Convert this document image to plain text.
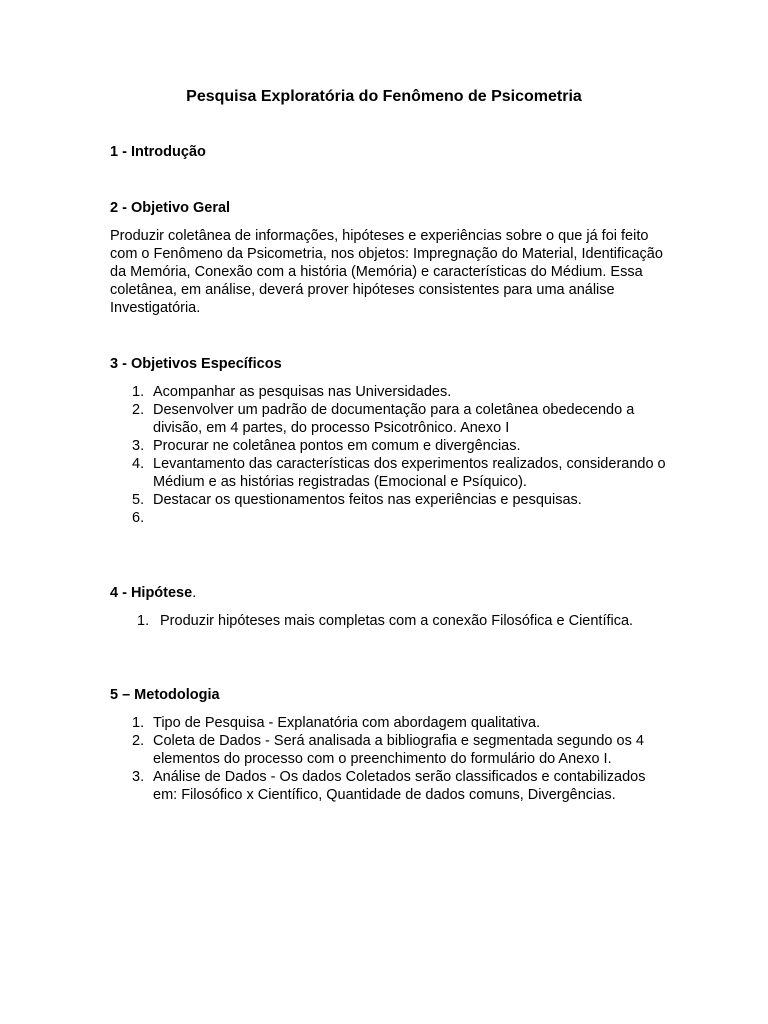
Pesquisa Exploratória do Fenômeno de Psicometria
1 - Introdução
2 - Objetivo Geral
Produzir coletânea de informações, hipóteses e experiências sobre o que já foi feito com o Fenômeno da Psicometria, nos objetos: Impregnação do Material, Identificação da Memória, Conexão com a história (Memória) e características do Médium. Essa coletânea, em análise, deverá prover hipóteses consistentes para uma análise Investigatória.
3 - Objetivos Específicos
1. Acompanhar as pesquisas nas Universidades.
2. Desenvolver um padrão de documentação para a coletânea obedecendo a divisão, em 4 partes, do processo Psicotrônico. Anexo I
3. Procurar ne coletânea pontos em comum e divergências.
4. Levantamento das características dos experimentos realizados, considerando o Médium e as histórias registradas (Emocional e Psíquico).
5. Destacar os questionamentos feitos nas experiências e pesquisas.
6.
4 - Hipótese.
1. Produzir hipóteses mais completas com a conexão Filosófica e Científica.
5 – Metodologia
1. Tipo de Pesquisa - Explanatória com abordagem qualitativa.
2. Coleta de Dados - Será analisada a bibliografia e segmentada segundo os 4 elementos do processo com o preenchimento do formulário do Anexo I.
3. Análise de Dados - Os dados Coletados serão classificados e contabilizados em: Filosófico x Científico, Quantidade de dados comuns, Divergências.
